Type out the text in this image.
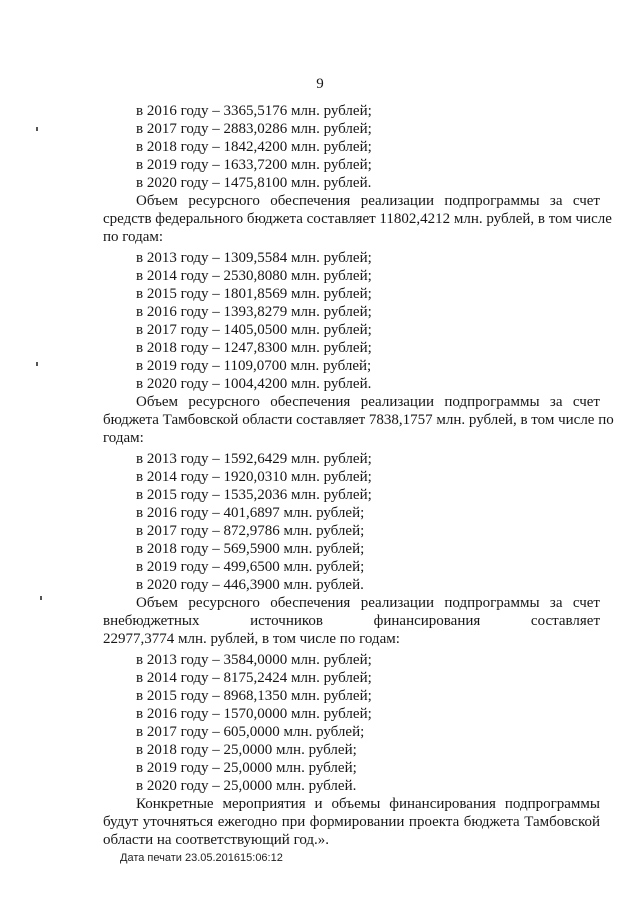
9
в 2016 году – 3365,5176 млн. рублей;
в 2017 году – 2883,0286 млн. рублей;
в 2018 году – 1842,4200 млн. рублей;
в 2019 году – 1633,7200 млн. рублей;
в 2020 году – 1475,8100 млн. рублей.
Объем ресурсного обеспечения реализации подпрограммы за счет
средств федерального бюджета составляет 11802,4212 млн. рублей, в том числе
по годам:
в 2013 году – 1309,5584 млн. рублей;
в 2014 году – 2530,8080 млн. рублей;
в 2015 году – 1801,8569 млн. рублей;
в 2016 году – 1393,8279 млн. рублей;
в 2017 году – 1405,0500 млн. рублей;
в 2018 году – 1247,8300 млн. рублей;
в 2019 году – 1109,0700 млн. рублей;
в 2020 году – 1004,4200 млн. рублей.
Объем ресурсного обеспечения реализации подпрограммы за счет
бюджета Тамбовской области составляет 7838,1757 млн. рублей, в том числе по
годам:
в 2013 году – 1592,6429 млн. рублей;
в 2014 году – 1920,0310 млн. рублей;
в 2015 году – 1535,2036 млн. рублей;
в 2016 году – 401,6897 млн. рублей;
в 2017 году – 872,9786 млн. рублей;
в 2018 году – 569,5900 млн. рублей;
в 2019 году – 499,6500 млн. рублей;
в 2020 году – 446,3900 млн. рублей.
Объем ресурсного обеспечения реализации подпрограммы за счет
внебюджетных источников финансирования составляет
22977,3774 млн. рублей, в том числе по годам:
в 2013 году – 3584,0000 млн. рублей;
в 2014 году – 8175,2424 млн. рублей;
в 2015 году – 8968,1350 млн. рублей;
в 2016 году – 1570,0000 млн. рублей;
в 2017 году – 605,0000 млн. рублей;
в 2018 году – 25,0000 млн. рублей;
в 2019 году – 25,0000 млн. рублей;
в 2020 году – 25,0000 млн. рублей.
Конкретные мероприятия и объемы финансирования подпрограммы
будут уточняться ежегодно при формировании проекта бюджета Тамбовской
области на соответствующий год.».
Дата печати 23.05.201615:06:12
